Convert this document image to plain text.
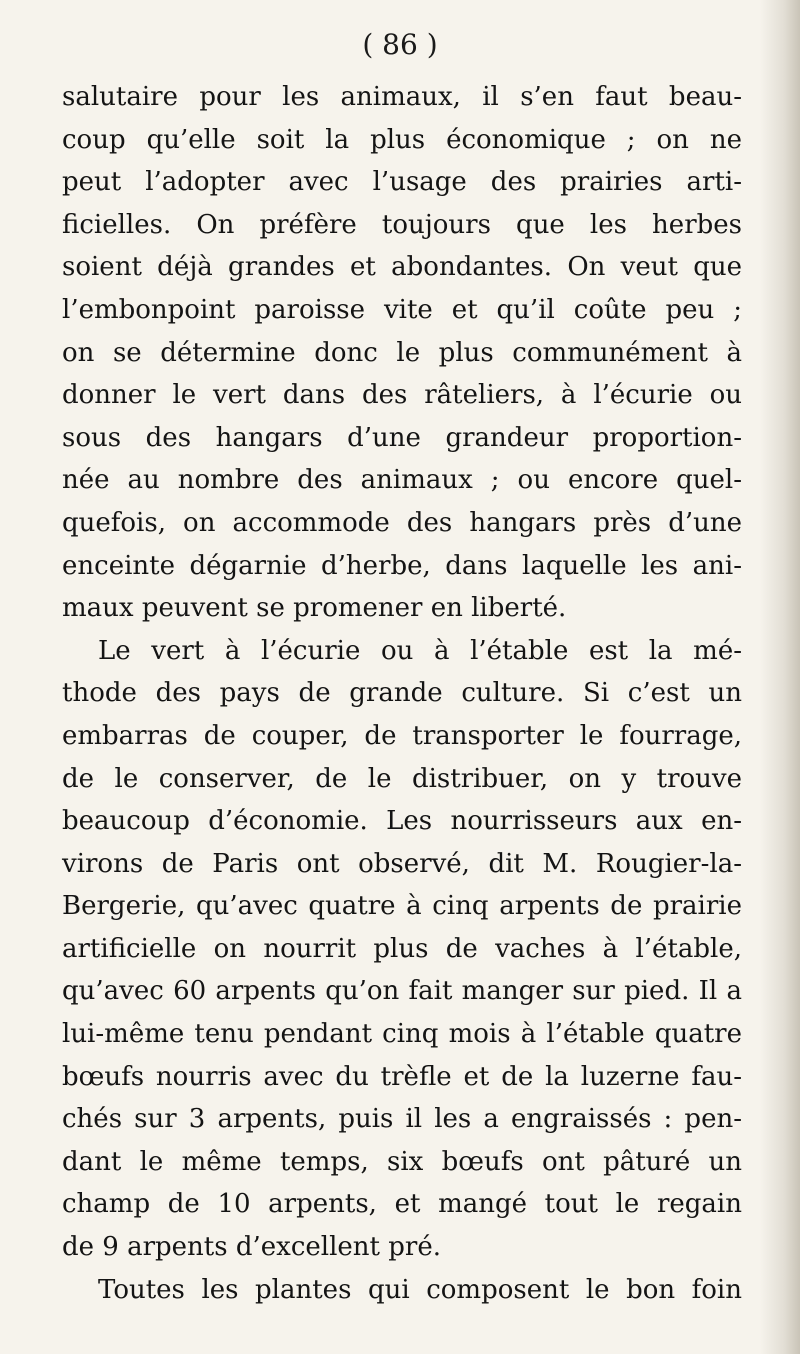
( 86 )

salutaire pour les animaux, il s’en faut beau-
coup qu’elle soit la plus économique ; on ne
peut l’adopter avec l’usage des prairies arti-
ficielles. On préfère toujours que les herbes
soient déjà grandes et abondantes. On veut que
l’embonpoint paroisse vite et qu’il coûte peu ;
on se détermine donc le plus communément à
donner le vert dans des râteliers, à l’écurie ou
sous des hangars d’une grandeur proportion-
née au nombre des animaux ; ou encore quel-
quefois, on accommode des hangars près d’une
enceinte dégarnie d’herbe, dans laquelle les ani-
maux peuvent se promener en liberté.
Le vert à l’écurie ou à l’étable est la mé-
thode des pays de grande culture. Si c’est un
embarras de couper, de transporter le fourrage,
de le conserver, de le distribuer, on y trouve
beaucoup d’économie. Les nourrisseurs aux en-
virons de Paris ont observé, dit M. Rougier-la-
Bergerie, qu’avec quatre à cinq arpents de prairie
artificielle on nourrit plus de vaches à l’étable,
qu’avec 60 arpents qu’on fait manger sur pied. Il a
lui-même tenu pendant cinq mois à l’étable quatre
bœufs nourris avec du trèfle et de la luzerne fau-
chés sur 3 arpents, puis il les a engraissés : pen-
dant le même temps, six bœufs ont pâturé un
champ de 10 arpents, et mangé tout le regain
de 9 arpents d’excellent pré.
Toutes les plantes qui composent le bon foin
